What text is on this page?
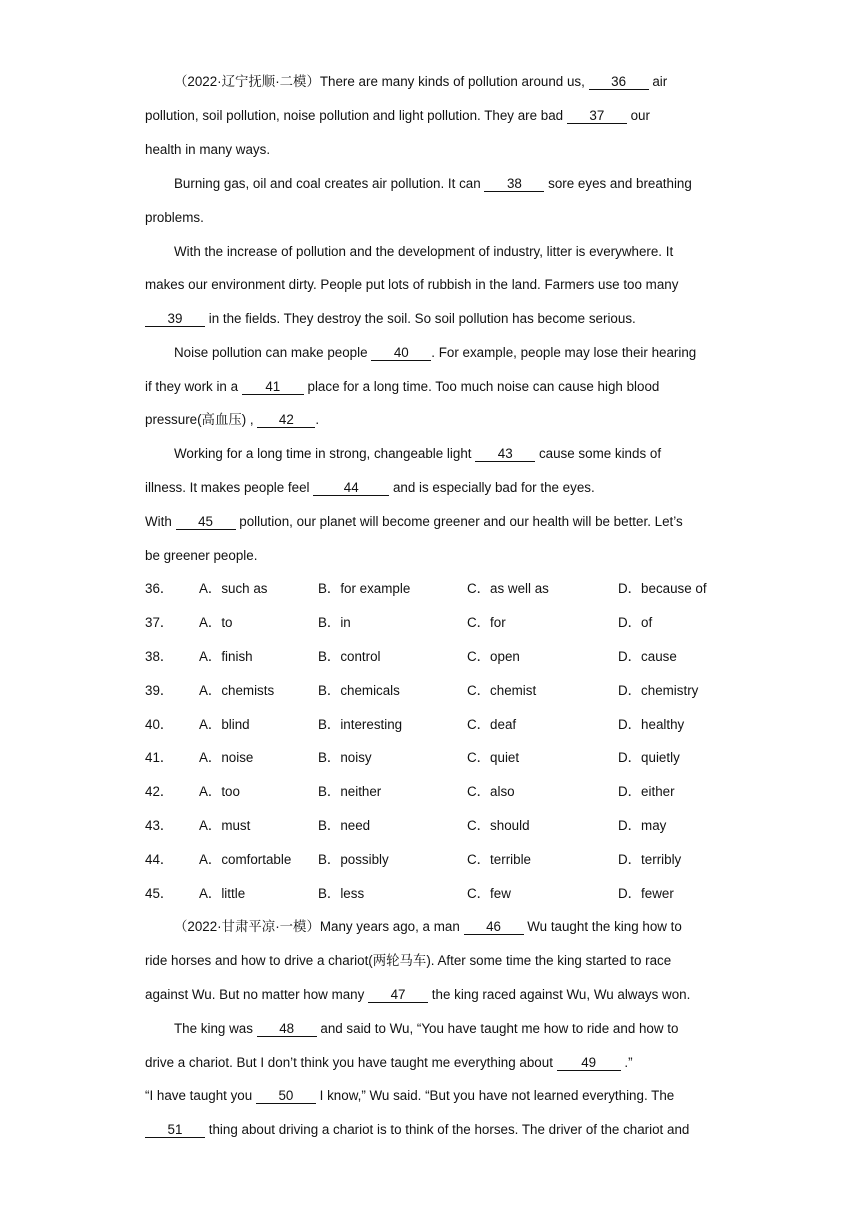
（2022·辽宁抚顺·二模）There are many kinds of pollution around us, 36 air
pollution, soil pollution, noise pollution and light pollution. They are bad 37 our
health in many ways.
Burning gas, oil and coal creates air pollution. It can 38 sore eyes and breathing
problems.
With the increase of pollution and the development of industry, litter is everywhere. It
makes our environment dirty. People put lots of rubbish in the land. Farmers use too many
39 in the fields. They destroy the soil. So soil pollution has become serious.
Noise pollution can make people 40 . For example, people may lose their hearing
if they work in a 41 place for a long time. Too much noise can cause high blood
pressure(高血压) , 42 .
Working for a long time in strong, changeable light 43 cause some kinds of
illness. It makes people feel	44	and is especially bad for the eyes.
With 45 pollution, our planet will become greener and our health will be better. Let’s
be greener people.
36． A．such as	B．for example	C．as well as	D．because of
37． A．to	B．in	C．for	D．of
38． A．finish	B．control	C．open	D．cause
39． A．chemists	B．chemicals	C．chemist	D．chemistry
40． A．blind	B．interesting	C．deaf	D．healthy
41． A．noise	B．noisy	C．quiet	D．quietly
42． A．too	B．neither	C．also	D．either
43． A．must	B．need	C．should	D．may
44． A．comfortable B．possibly	C．terrible	D．terribly
45． A．little	B．less	C．few	D．fewer
（2022·甘肃平凉·一模）Many years ago, a man 46 Wu taught the king how to
ride horses and how to drive a chariot(两轮马车). After some time the king started to race
against Wu. But no matter how many 47 the king raced against Wu, Wu always won.
The king was 48 and said to Wu, “You have taught me how to ride and how to
drive a chariot. But I don’t think you have taught me everything about 49 .”
“I have taught you 50 I know,” Wu said. “But you have not learned everything. The
51 thing about driving a chariot is to think of the horses. The driver of the chariot and
